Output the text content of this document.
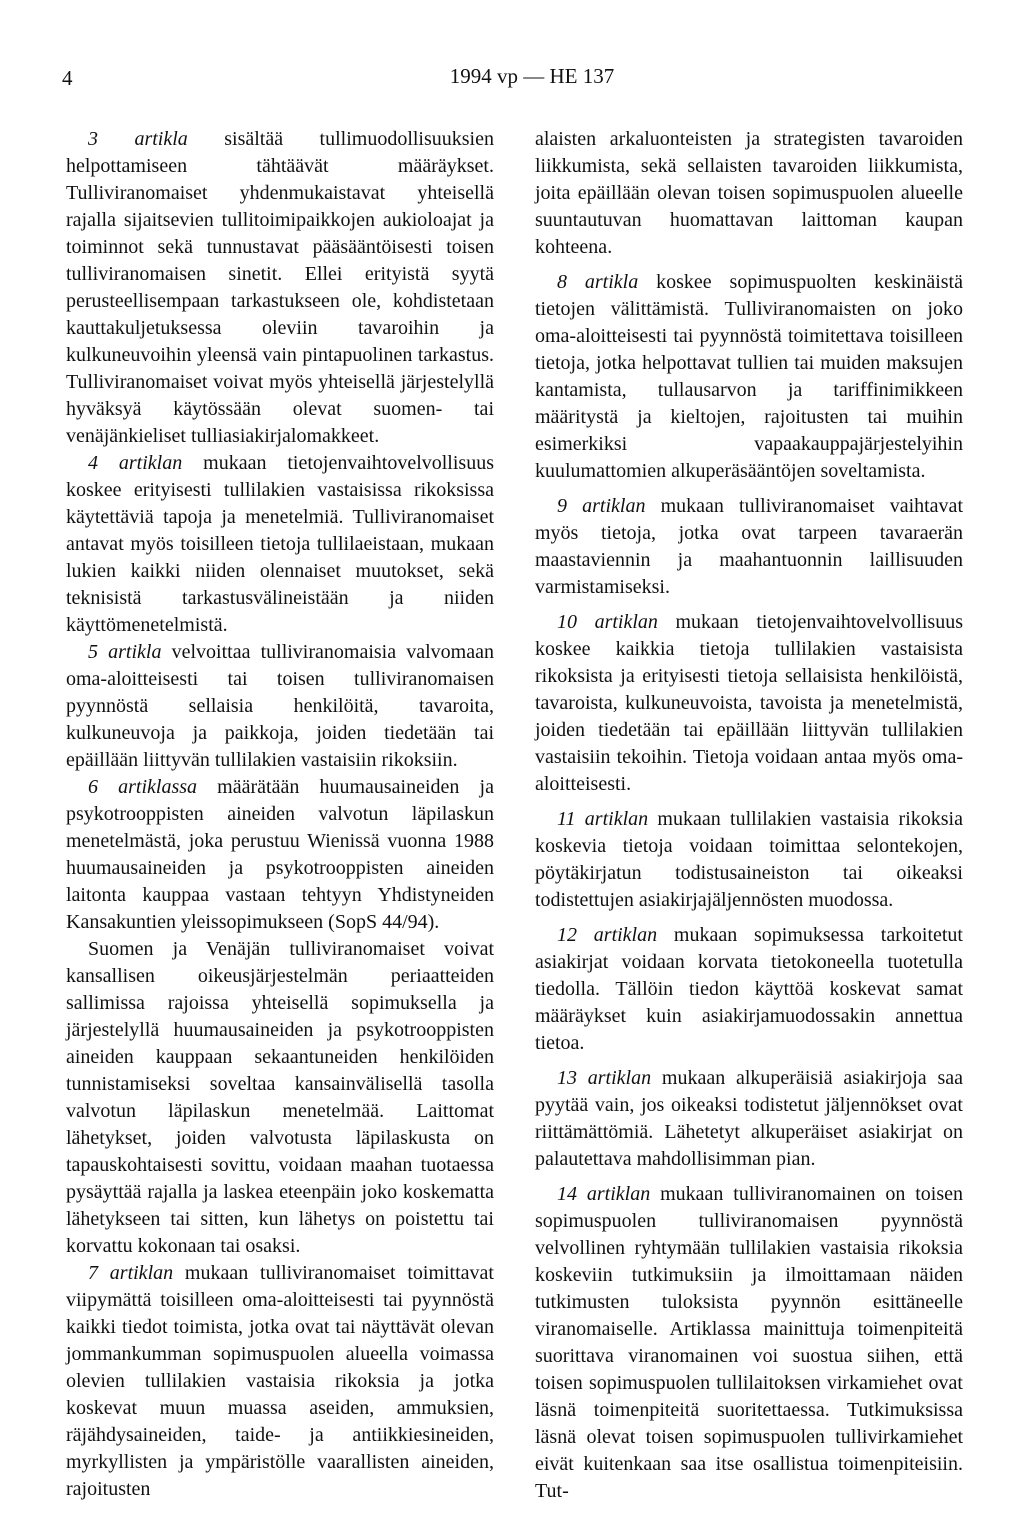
4	1994 vp — HE 137

3 artikla sisältää tullimuodollisuuksien helpottamiseen tähtäävät määräykset. Tulliviranomaiset yhdenmukaistavat yhteisellä rajalla sijaitsevien tullitoimipaikkojen aukioloajat ja toiminnot sekä tunnustavat pääsääntöisesti toisen tulliviranomaisen sinetit. Ellei erityistä syytä perusteellisempaan tarkastukseen ole, kohdistetaan kauttakuljetuksessa oleviin tavaroihin ja kulkuneuvoihin yleensä vain pintapuolinen tarkastus. Tulliviranomaiset voivat myös yhteisellä järjestelyllä hyväksyä käytössään olevat suomen- tai venäjänkieliset tulliasiakirjalomakkeet.

4 artiklan mukaan tietojenvaihtovelvollisuus koskee erityisesti tullilakien vastaisissa rikoksissa käytettäviä tapoja ja menetelmiä. Tulliviranomaiset antavat myös toisilleen tietoja tullilaeistaan, mukaan lukien kaikki niiden olennaiset muutokset, sekä teknisistä tarkastusvälineistään ja niiden käyttömenetelmistä.

5 artikla velvoittaa tulliviranomaisia valvomaan oma-aloitteisesti tai toisen tulliviranomaisen pyynnöstä sellaisia henkilöitä, tavaroita, kulkuneuvoja ja paikkoja, joiden tiedetään tai epäillään liittyvän tullilakien vastaisiin rikoksiin.

6 artiklassa määrätään huumausaineiden ja psykotrooppisten aineiden valvotun läpilaskun menetelmästä, joka perustuu Wienissä vuonna 1988 huumausaineiden ja psykotrooppisten aineiden laitonta kauppaa vastaan tehtyyn Yhdistyneiden Kansakuntien yleissopimukseen (SopS 44/94).

Suomen ja Venäjän tulliviranomaiset voivat kansallisen oikeusjärjestelmän periaatteiden sallimissa rajoissa yhteisellä sopimuksella ja järjestelyllä huumausaineiden ja psykotrooppisten aineiden kauppaan sekaantuneiden henkilöiden tunnistamiseksi soveltaa kansainvälisellä tasolla valvotun läpilaskun menetelmää. Laittomat lähetykset, joiden valvotusta läpilaskusta on tapauskohtaisesti sovittu, voidaan maahan tuotaessa pysäyttää rajalla ja laskea eteenpäin joko koskematta lähetykseen tai sitten, kun lähetys on poistettu tai korvattu kokonaan tai osaksi.

7 artiklan mukaan tulliviranomaiset toimittavat viipymättä toisilleen oma-aloitteisesti tai pyynnöstä kaikki tiedot toimista, jotka ovat tai näyttävät olevan jommankumman sopimuspuolen alueella voimassa olevien tullilakien vastaisia rikoksia ja jotka koskevat muun muassa aseiden, ammuksien, räjähdysaineiden, taide- ja antiikkiesineiden, myrkyllisten ja ympäristölle vaarallisten aineiden, rajoitusten

alaisten arkaluonteisten ja strategisten tavaroiden liikkumista, sekä sellaisten tavaroiden liikkumista, joita epäillään olevan toisen sopimuspuolen alueelle suuntautuvan huomattavan laittoman kaupan kohteena.

8 artikla koskee sopimuspuolten keskinäistä tietojen välittämistä. Tulliviranomaisten on joko oma-aloitteisesti tai pyynnöstä toimitettava toisilleen tietoja, jotka helpottavat tullien tai muiden maksujen kantamista, tullausarvon ja tariffinimikkeen määritystä ja kieltojen, rajoitusten tai muihin esimerkiksi vapaakauppajärjestelyihin kuulumattomien alkuperäsääntöjen soveltamista.

9 artiklan mukaan tulliviranomaiset vaihtavat myös tietoja, jotka ovat tarpeen tavaraerän maastaviennin ja maahantuonnin laillisuuden varmistamiseksi.

10 artiklan mukaan tietojenvaihtovelvollisuus koskee kaikkia tietoja tullilakien vastaisista rikoksista ja erityisesti tietoja sellaisista henkilöistä, tavaroista, kulkuneuvoista, tavoista ja menetelmistä, joiden tiedetään tai epäillään liittyvän tullilakien vastaisiin tekoihin. Tietoja voidaan antaa myös oma-aloitteisesti.

11 artiklan mukaan tullilakien vastaisia rikoksia koskevia tietoja voidaan toimittaa selontekojen, pöytäkirjatun todistusaineiston tai oikeaksi todistettujen asiakirjajäljennösten muodossa.

12 artiklan mukaan sopimuksessa tarkoitetut asiakirjat voidaan korvata tietokoneella tuotetulla tiedolla. Tällöin tiedon käyttöä koskevat samat määräykset kuin asiakirjamuodossakin annettua tietoa.

13 artiklan mukaan alkuperäisiä asiakirjoja saa pyytää vain, jos oikeaksi todistetut jäljennökset ovat riittämättömiä. Lähetetyt alkuperäiset asiakirjat on palautettava mahdollisimman pian.

14 artiklan mukaan tulliviranomainen on toisen sopimuspuolen tulliviranomaisen pyynnöstä velvollinen ryhtymään tullilakien vastaisia rikoksia koskeviin tutkimuksiin ja ilmoittamaan näiden tutkimusten tuloksista pyynnön esittäneelle viranomaiselle. Artiklassa mainittuja toimenpiteitä suorittava viranomainen voi suostua siihen, että toisen sopimuspuolen tullilaitoksen virkamiehet ovat läsnä toimenpiteitä suoritettaessa. Tutkimuksissa läsnä olevat toisen sopimuspuolen tullivirkamiehet eivät kuitenkaan saa itse osallistua toimenpiteisiin. Tut-
